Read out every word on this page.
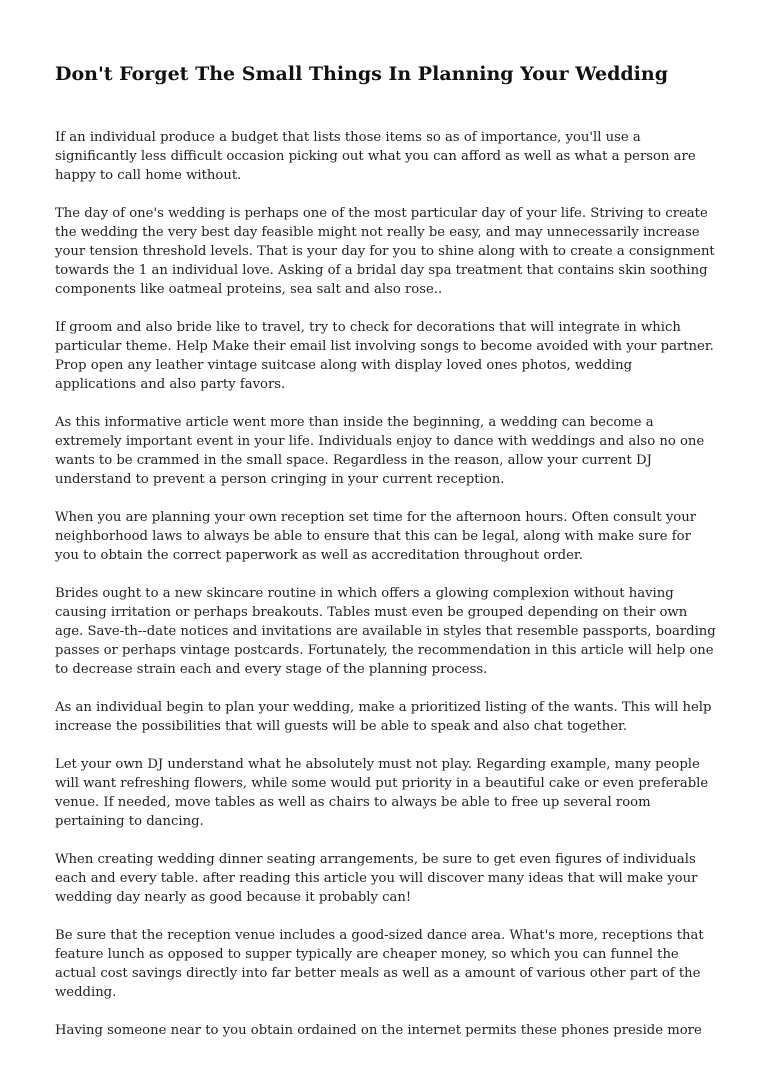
Don't Forget The Small Things In Planning Your Wedding

If an individual produce a budget that lists those items so as of importance, you'll use a significantly less difficult occasion picking out what you can afford as well as what a person are happy to call home without.

The day of one's wedding is perhaps one of the most particular day of your life. Striving to create the wedding the very best day feasible might not really be easy, and may unnecessarily increase your tension threshold levels. That is your day for you to shine along with to create a consignment towards the 1 an individual love. Asking of a bridal day spa treatment that contains skin soothing components like oatmeal proteins, sea salt and also rose..

If groom and also bride like to travel, try to check for decorations that will integrate in which particular theme. Help Make their email list involving songs to become avoided with your partner. Prop open any leather vintage suitcase along with display loved ones photos, wedding applications and also party favors.

As this informative article went more than inside the beginning, a wedding can become a extremely important event in your life. Individuals enjoy to dance with weddings and also no one wants to be crammed in the small space. Regardless in the reason, allow your current DJ understand to prevent a person cringing in your current reception.

When you are planning your own reception set time for the afternoon hours. Often consult your neighborhood laws to always be able to ensure that this can be legal, along with make sure for you to obtain the correct paperwork as well as accreditation throughout order.

Brides ought to a new skincare routine in which offers a glowing complexion without having causing irritation or perhaps breakouts. Tables must even be grouped depending on their own age. Save-th--date notices and invitations are available in styles that resemble passports, boarding passes or perhaps vintage postcards. Fortunately, the recommendation in this article will help one to decrease strain each and every stage of the planning process.

As an individual begin to plan your wedding, make a prioritized listing of the wants. This will help increase the possibilities that will guests will be able to speak and also chat together.

Let your own DJ understand what he absolutely must not play. Regarding example, many people will want refreshing flowers, while some would put priority in a beautiful cake or even preferable venue. If needed, move tables as well as chairs to always be able to free up several room pertaining to dancing.

When creating wedding dinner seating arrangements, be sure to get even figures of individuals each and every table. after reading this article you will discover many ideas that will make your wedding day nearly as good because it probably can!

Be sure that the reception venue includes a good-sized dance area. What's more, receptions that feature lunch as opposed to supper typically are cheaper money, so which you can funnel the actual cost savings directly into far better meals as well as a amount of various other part of the wedding.

Having someone near to you obtain ordained on the internet permits these phones preside more
